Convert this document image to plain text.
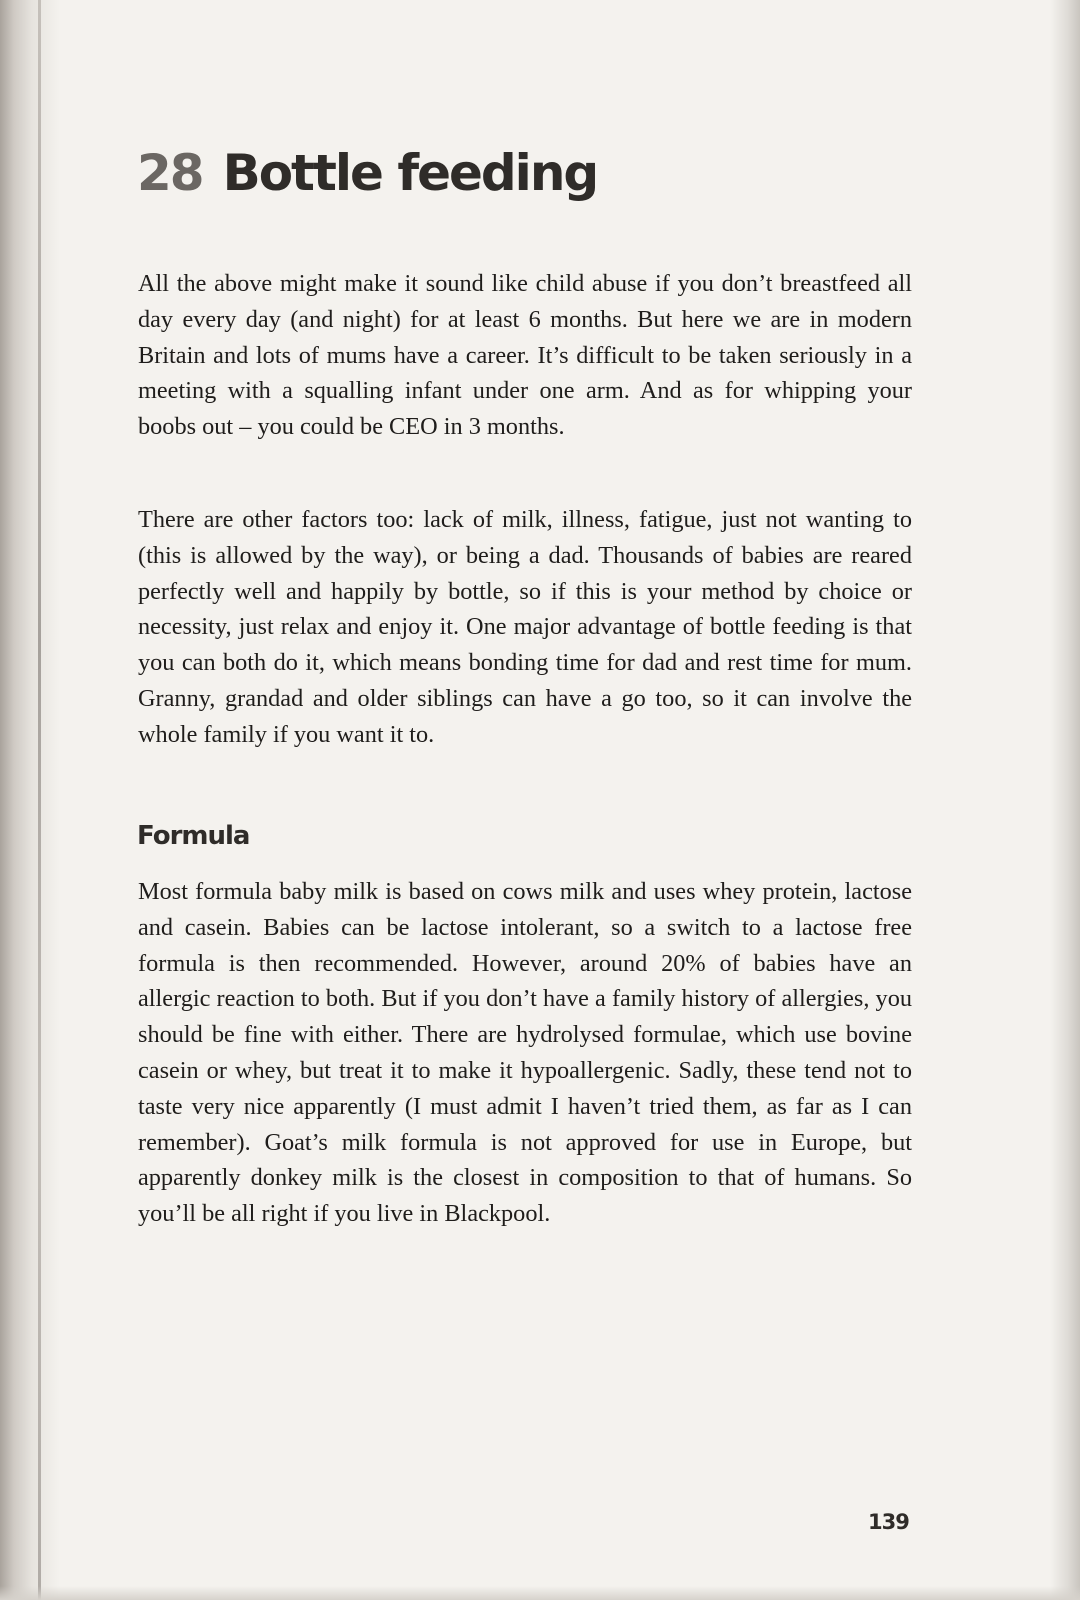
28 Bottle feeding

All the above might make it sound like child abuse if you don’t breastfeed all day every day (and night) for at least 6 months. But here we are in modern Britain and lots of mums have a career. It’s difficult to be taken seriously in a meeting with a squalling infant under one arm. And as for whipping your boobs out – you could be CEO in 3 months.

There are other factors too: lack of milk, illness, fatigue, just not wanting to (this is allowed by the way), or being a dad. Thousands of babies are reared perfectly well and happily by bottle, so if this is your method by choice or necessity, just relax and enjoy it. One major advantage of bottle feeding is that you can both do it, which means bonding time for dad and rest time for mum. Granny, grandad and older siblings can have a go too, so it can involve the whole family if you want it to.

Formula

Most formula baby milk is based on cows milk and uses whey protein, lactose and casein. Babies can be lactose intolerant, so a switch to a lactose free formula is then recommended. However, around 20% of babies have an allergic reaction to both. But if you don’t have a family history of allergies, you should be fine with either. There are hydrolysed formulae, which use bovine casein or whey, but treat it to make it hypoallergenic. Sadly, these tend not to taste very nice apparently (I must admit I haven’t tried them, as far as I can remember). Goat’s milk formula is not approved for use in Europe, but apparently donkey milk is the closest in composition to that of humans. So you’ll be all right if you live in Blackpool.

139
